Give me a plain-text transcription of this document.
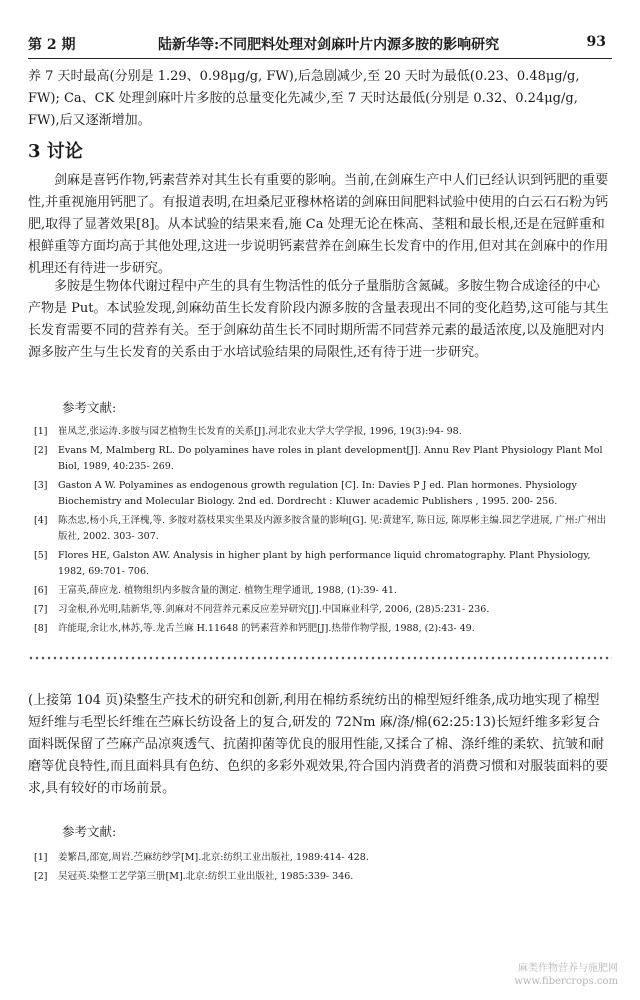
第 2 期	陆新华等:不同肥料处理对剑麻叶片内源多胺的影响研究	93
养 7 天时最高(分别是 1.29、0.98μg/g, FW),后急剧减少,至 20 天时为最低(0.23、0.48μg/g, FW); Ca、CK 处理剑麻叶片多胺的总量变化先减少,至 7 天时达最低(分别是 0.32、0.24μg/g, FW),后又逐渐增加。
3 讨论
剑麻是喜钙作物,钙素营养对其生长有重要的影响。当前,在剑麻生产中人们已经认识到钙肥的重要性,并重视施用钙肥了。有报道表明,在坦桑尼亚穆林格诺的剑麻田间肥料试验中使用的白云石石粉为钙肥,取得了显著效果[8]。从本试验的结果来看,施 Ca 处理无论在株高、茎粗和最长根,还是在冠鲜重和根鲜重等方面均高于其他处理,这进一步说明钙素营养在剑麻生长发育中的作用,但对其在剑麻中的作用机理还有待进一步研究。
多胺是生物体代谢过程中产生的具有生物活性的低分子量脂肪含氮碱。多胺生物合成途径的中心产物是 Put。本试验发现,剑麻幼苗生长发育阶段内源多胺的含量表现出不同的变化趋势,这可能与其生长发育需要不同的营养有关。至于剑麻幼苗生长不同时期所需不同营养元素的最适浓度,以及施肥对内源多胺产生与生长发育的关系由于水培试验结果的局限性,还有待于进一步研究。
参考文献:
[1] 崔凤芝,张运涛.多胺与园艺植物生长发育的关系[J].河北农业大学大学学报, 1996, 19(3):94- 98.
[2] Evans M, Malmberg RL. Do polyamines have roles in plant development[J]. Annu Rev Plant Physiology Plant Mol Biol, 1989, 40:235- 269.
[3] Gaston A W. Polyamines as endogenous growth regulation [C]. In: Davies P J ed. Plan hormones. Physiology Biochemistry and Molecular Biology. 2nd ed. Dordrecht : Kluwer academic Publishers , 1995. 200- 256.
[4] 陈杰忠,杨小兵,王泽槐,等. 多胺对荔枝果实坐果及内源多胺含量的影响[G]. 见:黄建军, 陈日远, 陈厚彬主编.园艺学进展, 广州:广州出版社, 2002. 303- 307.
[5] Flores HE, Galston AW. Analysis in higher plant by high performance liquid chromatography. Plant Physiology, 1982, 69:701- 706.
[6] 王富英,薛应龙. 植物组织内多胺含量的测定. 植物生理学通讯, 1988, (1):39- 41.
[7] 习金根,孙光明,陆新华,等.剑麻对不同营养元素反应差异研究[J].中国麻业科学, 2006, (28)5:231- 236.
[8] 许能琨,余让水,林苏,等.龙舌兰麻 H.11648 的钙素营养和钙肥[J].热带作物学报, 1988, (2):43- 49.
(上接第 104 页)染整生产技术的研究和创新,利用在棉纺系统纺出的棉型短纤维条,成功地实现了棉型短纤维与毛型长纤维在苎麻长纺设备上的复合,研发的 72Nm 麻/涤/棉(62:25:13)长短纤维多彩复合面料既保留了苎麻产品凉爽透气、抗菌抑菌等优良的服用性能,又揉合了棉、涤纤维的柔软、抗皱和耐磨等优良特性,而且面料具有色纺、色织的多彩外观效果,符合国内消费者的消费习惯和对服装面料的要求,具有较好的市场前景。
参考文献:
[1] 姜繁昌,邵宽,周岩.苎麻纺纱学[M].北京:纺织工业出版社, 1989:414- 428.
[2] 吴冠英.染整工艺学第三册[M].北京:纺织工业出版社, 1985:339- 346.
麻类作物营养与施肥网
www.fibercrops.com
